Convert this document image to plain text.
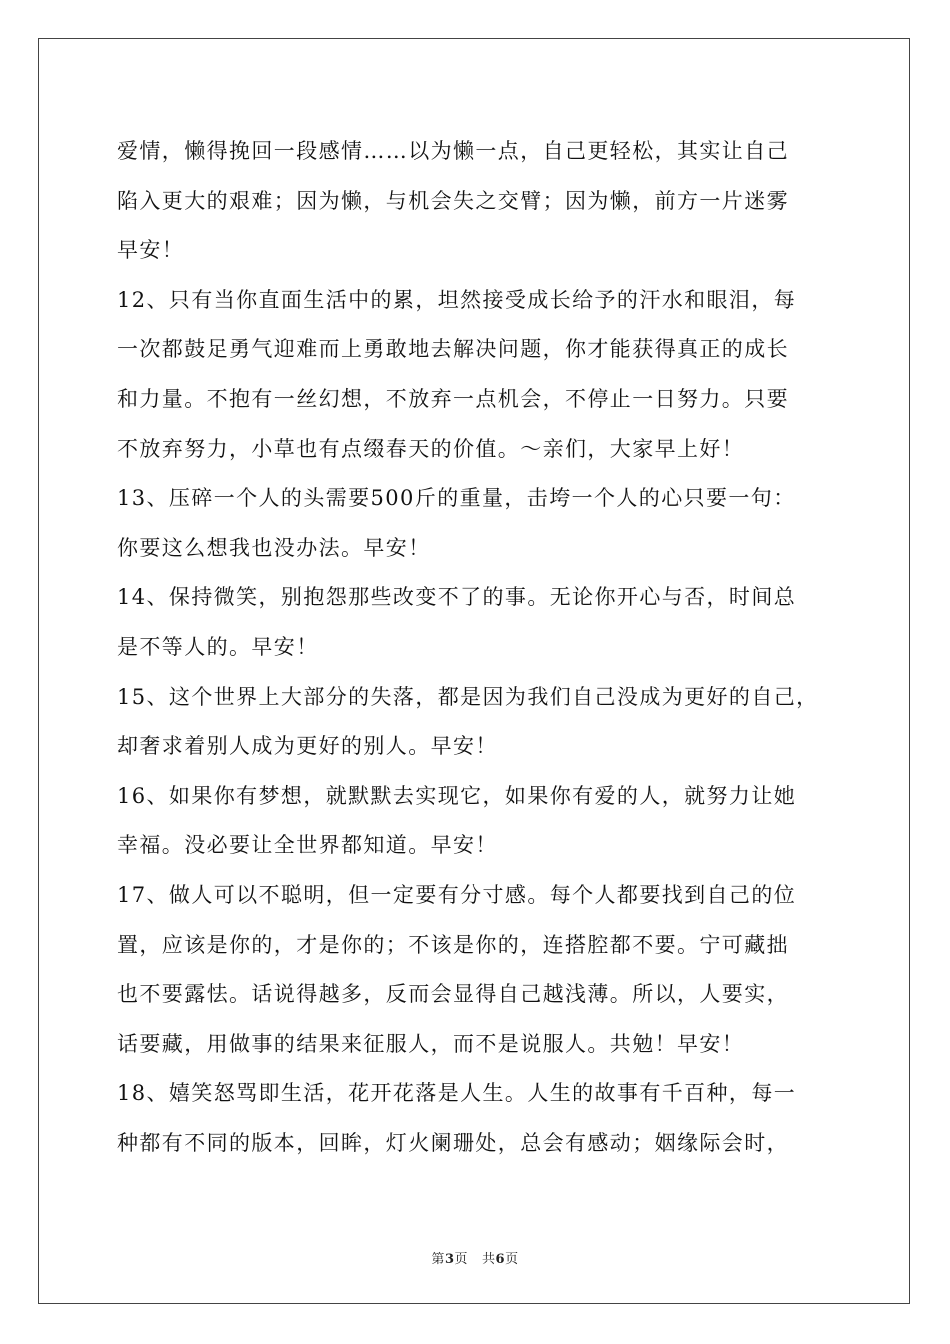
爱情，懒得挽回一段感情……以为懒一点，自己更轻松，其实让自己

陷入更大的艰难；因为懒，与机会失之交臂；因为懒，前方一片迷雾

早安！

12、只有当你直面生活中的累，坦然接受成长给予的汗水和眼泪，每

一次都鼓足勇气迎难而上勇敢地去解决问题，你才能获得真正的成长

和力量。不抱有一丝幻想，不放弃一点机会，不停止一日努力。只要

不放弃努力，小草也有点缀春天的价值。～亲们，大家早上好！

13、压碎一个人的头需要500斤的重量，击垮一个人的心只要一句：

你要这么想我也没办法。早安！

14、保持微笑，别抱怨那些改变不了的事。无论你开心与否，时间总

是不等人的。早安！

15、这个世界上大部分的失落，都是因为我们自己没成为更好的自己，

却奢求着别人成为更好的别人。早安！

16、如果你有梦想，就默默去实现它，如果你有爱的人，就努力让她

幸福。没必要让全世界都知道。早安！

17、做人可以不聪明，但一定要有分寸感。每个人都要找到自己的位

置，应该是你的，才是你的；不该是你的，连搭腔都不要。宁可藏拙

也不要露怯。话说得越多，反而会显得自己越浅薄。所以，人要实，

话要藏，用做事的结果来征服人，而不是说服人。共勉！早安！

18、嬉笑怒骂即生活，花开花落是人生。人生的故事有千百种，每一

种都有不同的版本，回眸，灯火阑珊处，总会有感动；姻缘际会时，

第3页 共6页
